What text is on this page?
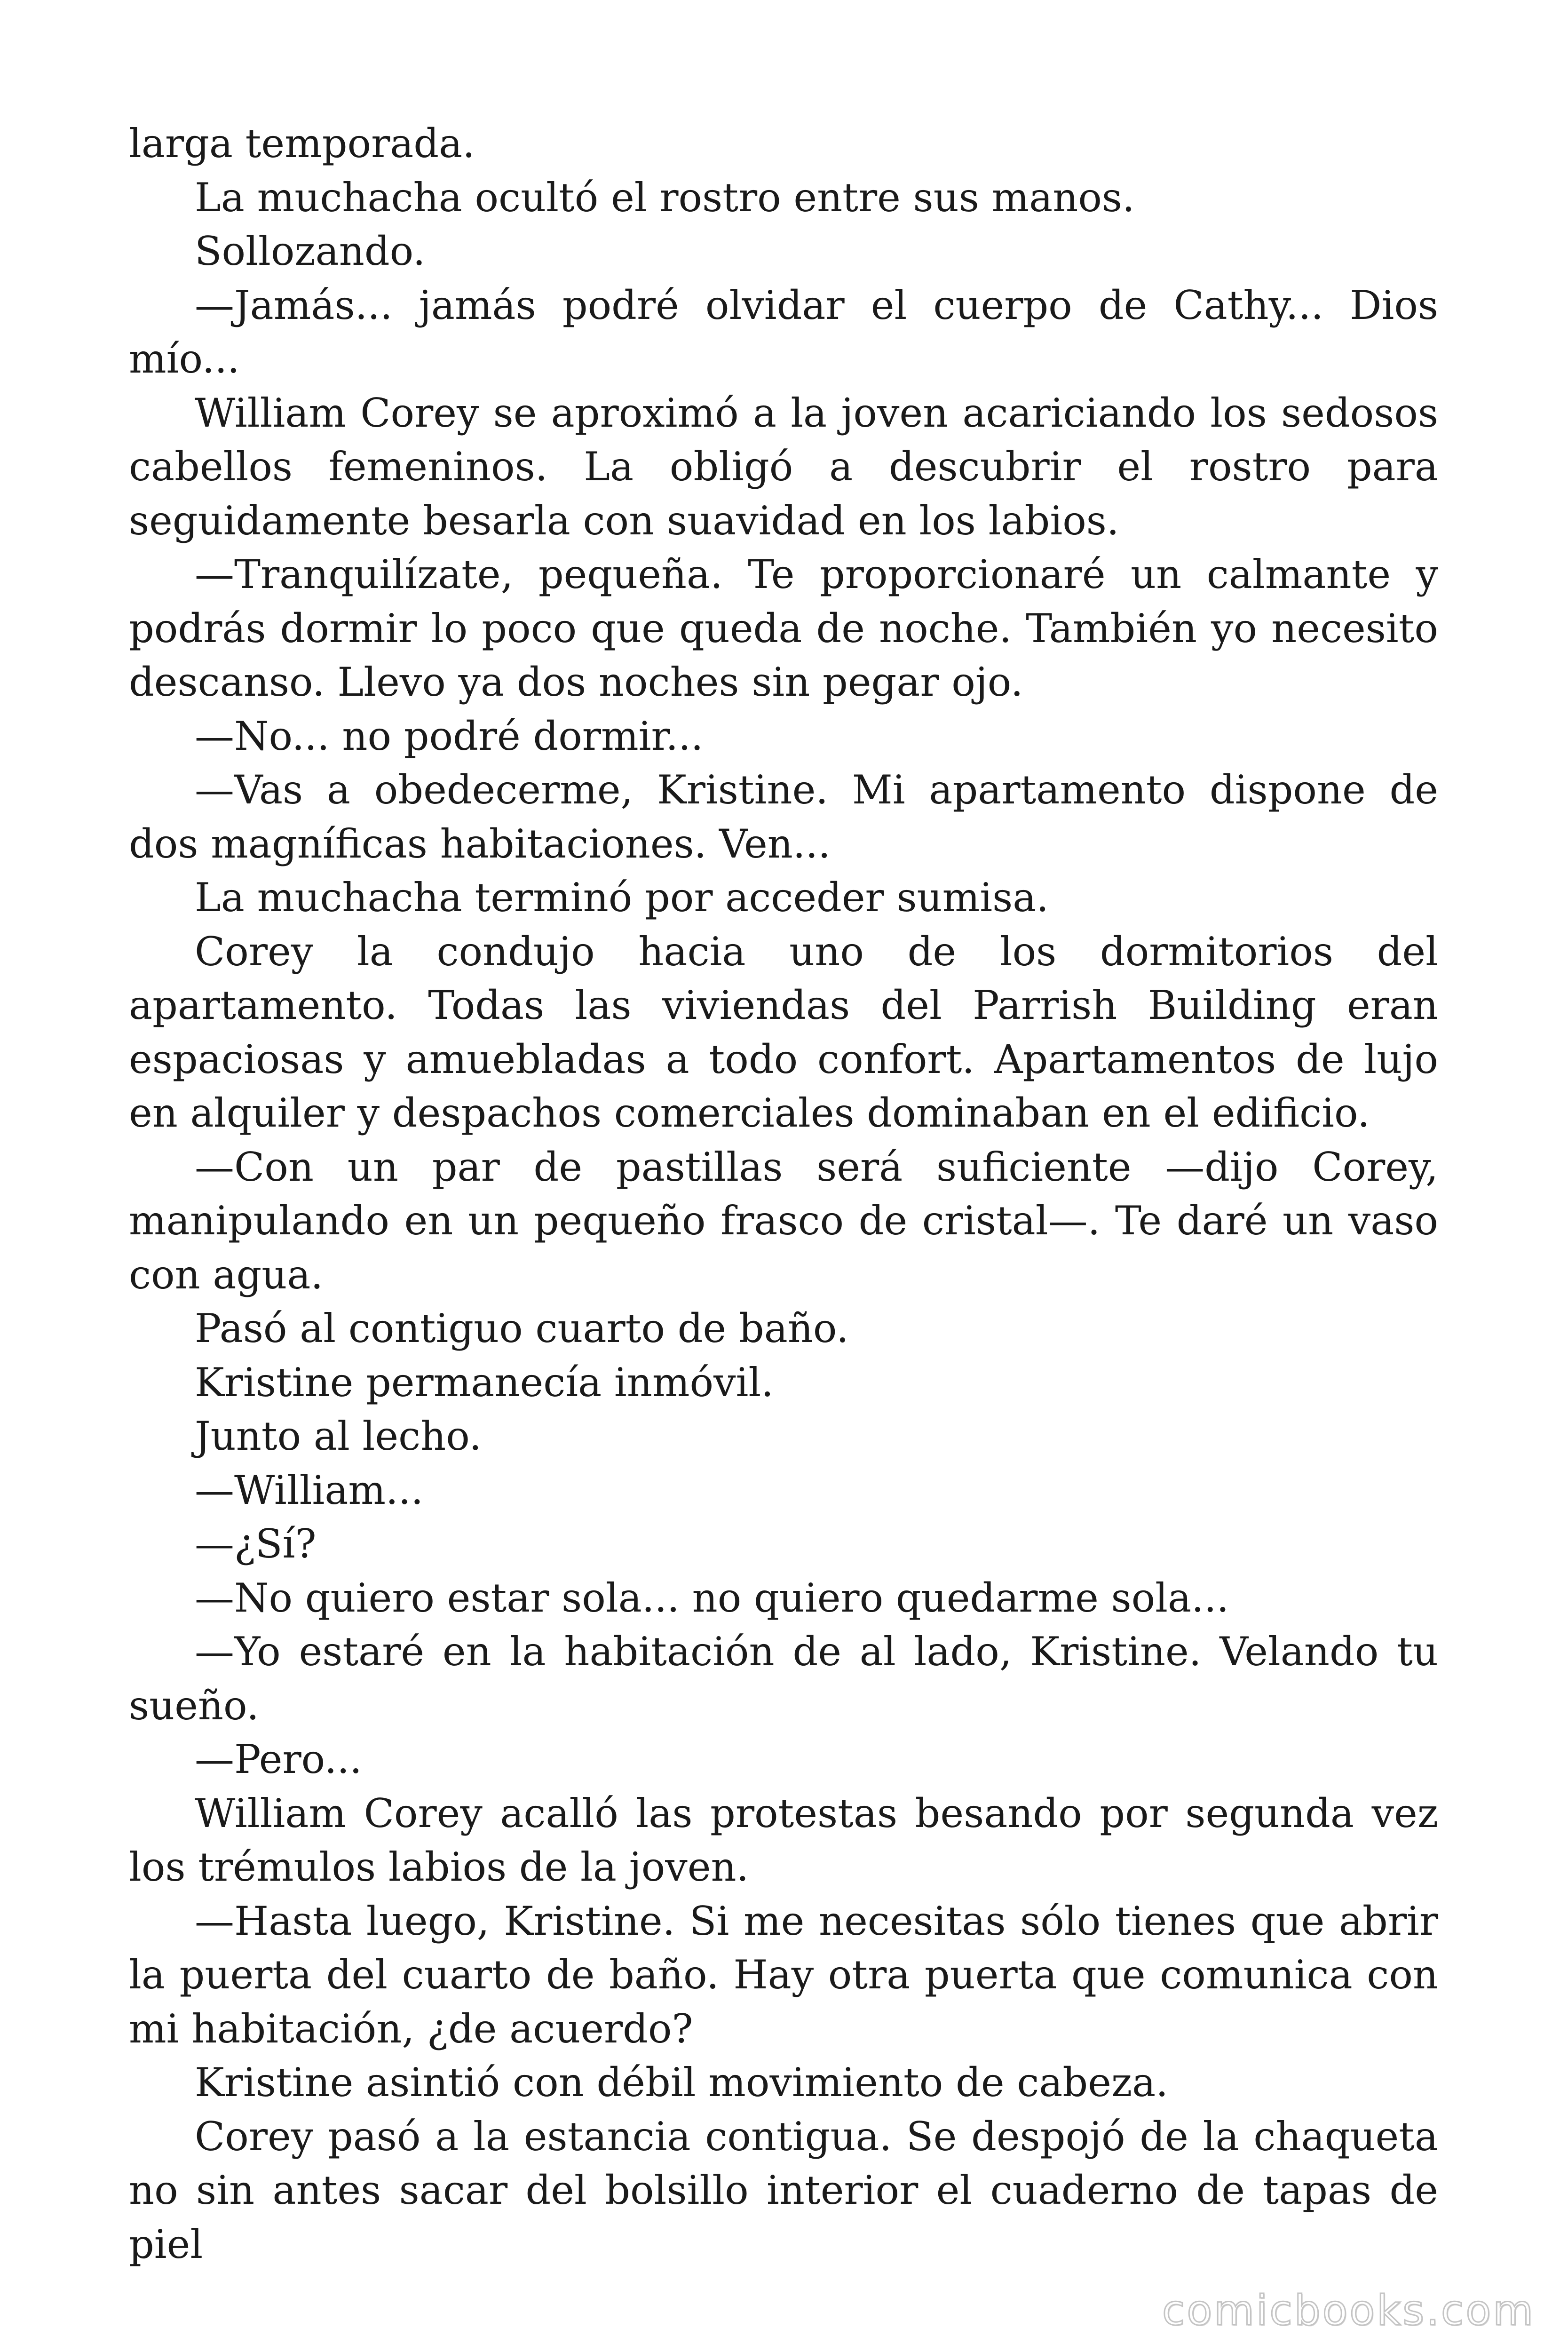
larga temporada.

La muchacha ocultó el rostro entre sus manos.

Sollozando.

—Jamás... jamás podré olvidar el cuerpo de Cathy... Dios mío...

William Corey se aproximó a la joven acariciando los sedosos cabellos femeninos. La obligó a descubrir el rostro para seguidamente besarla con suavidad en los labios.

—Tranquilízate, pequeña. Te proporcionaré un calmante y podrás dormir lo poco que queda de noche. También yo necesito descanso. Llevo ya dos noches sin pegar ojo.

—No... no podré dormir...

—Vas a obedecerme, Kristine. Mi apartamento dispone de dos magníficas habitaciones. Ven...

La muchacha terminó por acceder sumisa.

Corey la condujo hacia uno de los dormitorios del apartamento. Todas las viviendas del Parrish Building eran espaciosas y amuebladas a todo confort. Apartamentos de lujo en alquiler y despachos comerciales dominaban en el edificio.

—Con un par de pastillas será suficiente —dijo Corey, manipulando en un pequeño frasco de cristal—. Te daré un vaso con agua.

Pasó al contiguo cuarto de baño.

Kristine permanecía inmóvil.

Junto al lecho.

—William...

—¿Sí?

—No quiero estar sola... no quiero quedarme sola...

—Yo estaré en la habitación de al lado, Kristine. Velando tu sueño.

—Pero...

William Corey acalló las protestas besando por segunda vez los trémulos labios de la joven.

—Hasta luego, Kristine. Si me necesitas sólo tienes que abrir la puerta del cuarto de baño. Hay otra puerta que comunica con mi habitación, ¿de acuerdo?

Kristine asintió con débil movimiento de cabeza.

Corey pasó a la estancia contigua. Se despojó de la chaqueta no sin antes sacar del bolsillo interior el cuaderno de tapas de piel

comicbooks.com
